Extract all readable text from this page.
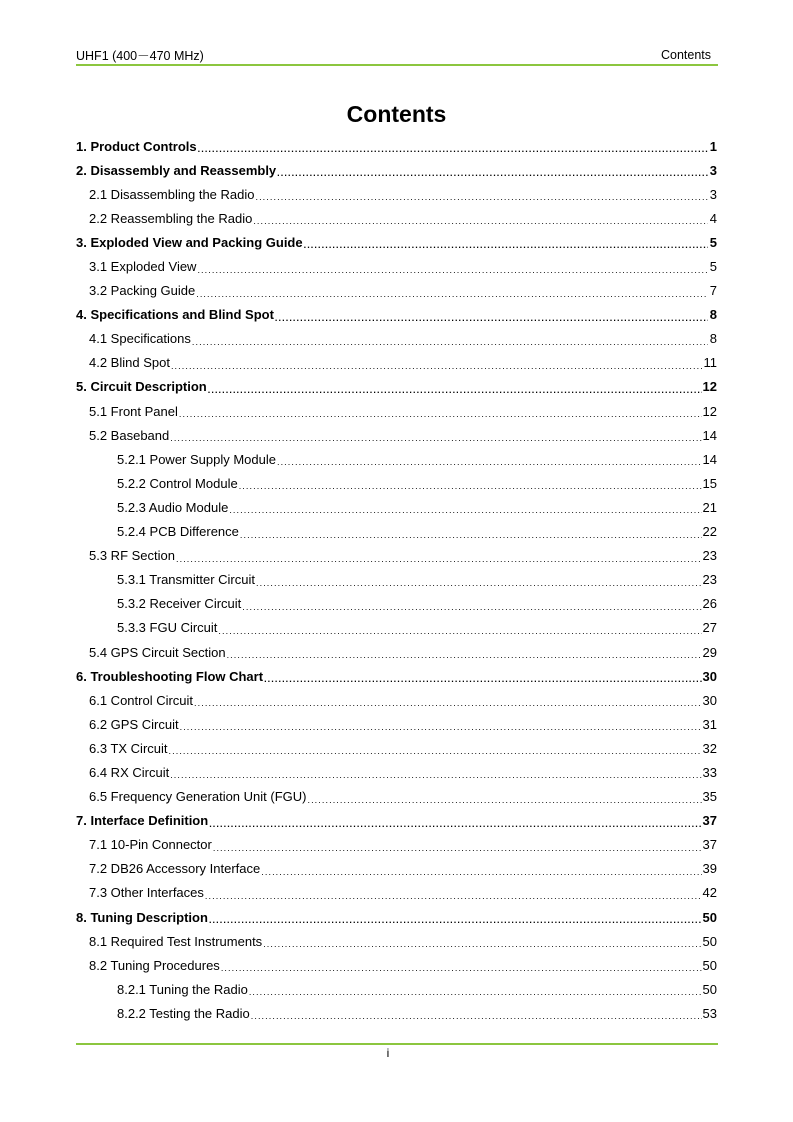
UHF1 (400－470 MHz)	Contents
Contents
1. Product Controls .....	1
2. Disassembly and Reassembly .....	3
2.1 Disassembling the Radio .....	3
2.2 Reassembling the Radio .....	4
3. Exploded View and Packing Guide .....	5
3.1 Exploded View .....	5
3.2 Packing Guide .....	7
4. Specifications and Blind Spot .....	8
4.1 Specifications .....	8
4.2 Blind Spot .....	11
5. Circuit Description .....	12
5.1 Front Panel .....	12
5.2 Baseband .....	14
5.2.1 Power Supply Module .....	14
5.2.2 Control Module .....	15
5.2.3 Audio Module .....	21
5.2.4 PCB Difference .....	22
5.3 RF Section .....	23
5.3.1 Transmitter Circuit .....	23
5.3.2 Receiver Circuit .....	26
5.3.3 FGU Circuit .....	27
5.4 GPS Circuit Section .....	29
6. Troubleshooting Flow Chart .....	30
6.1 Control Circuit .....	30
6.2 GPS Circuit .....	31
6.3 TX Circuit .....	32
6.4 RX Circuit .....	33
6.5 Frequency Generation Unit (FGU) .....	35
7. Interface Definition .....	37
7.1 10-Pin Connector .....	37
7.2 DB26 Accessory Interface .....	39
7.3 Other Interfaces .....	42
8. Tuning Description .....	50
8.1 Required Test Instruments .....	50
8.2 Tuning Procedures .....	50
8.2.1 Tuning the Radio .....	50
8.2.2 Testing the Radio .....	53
i
